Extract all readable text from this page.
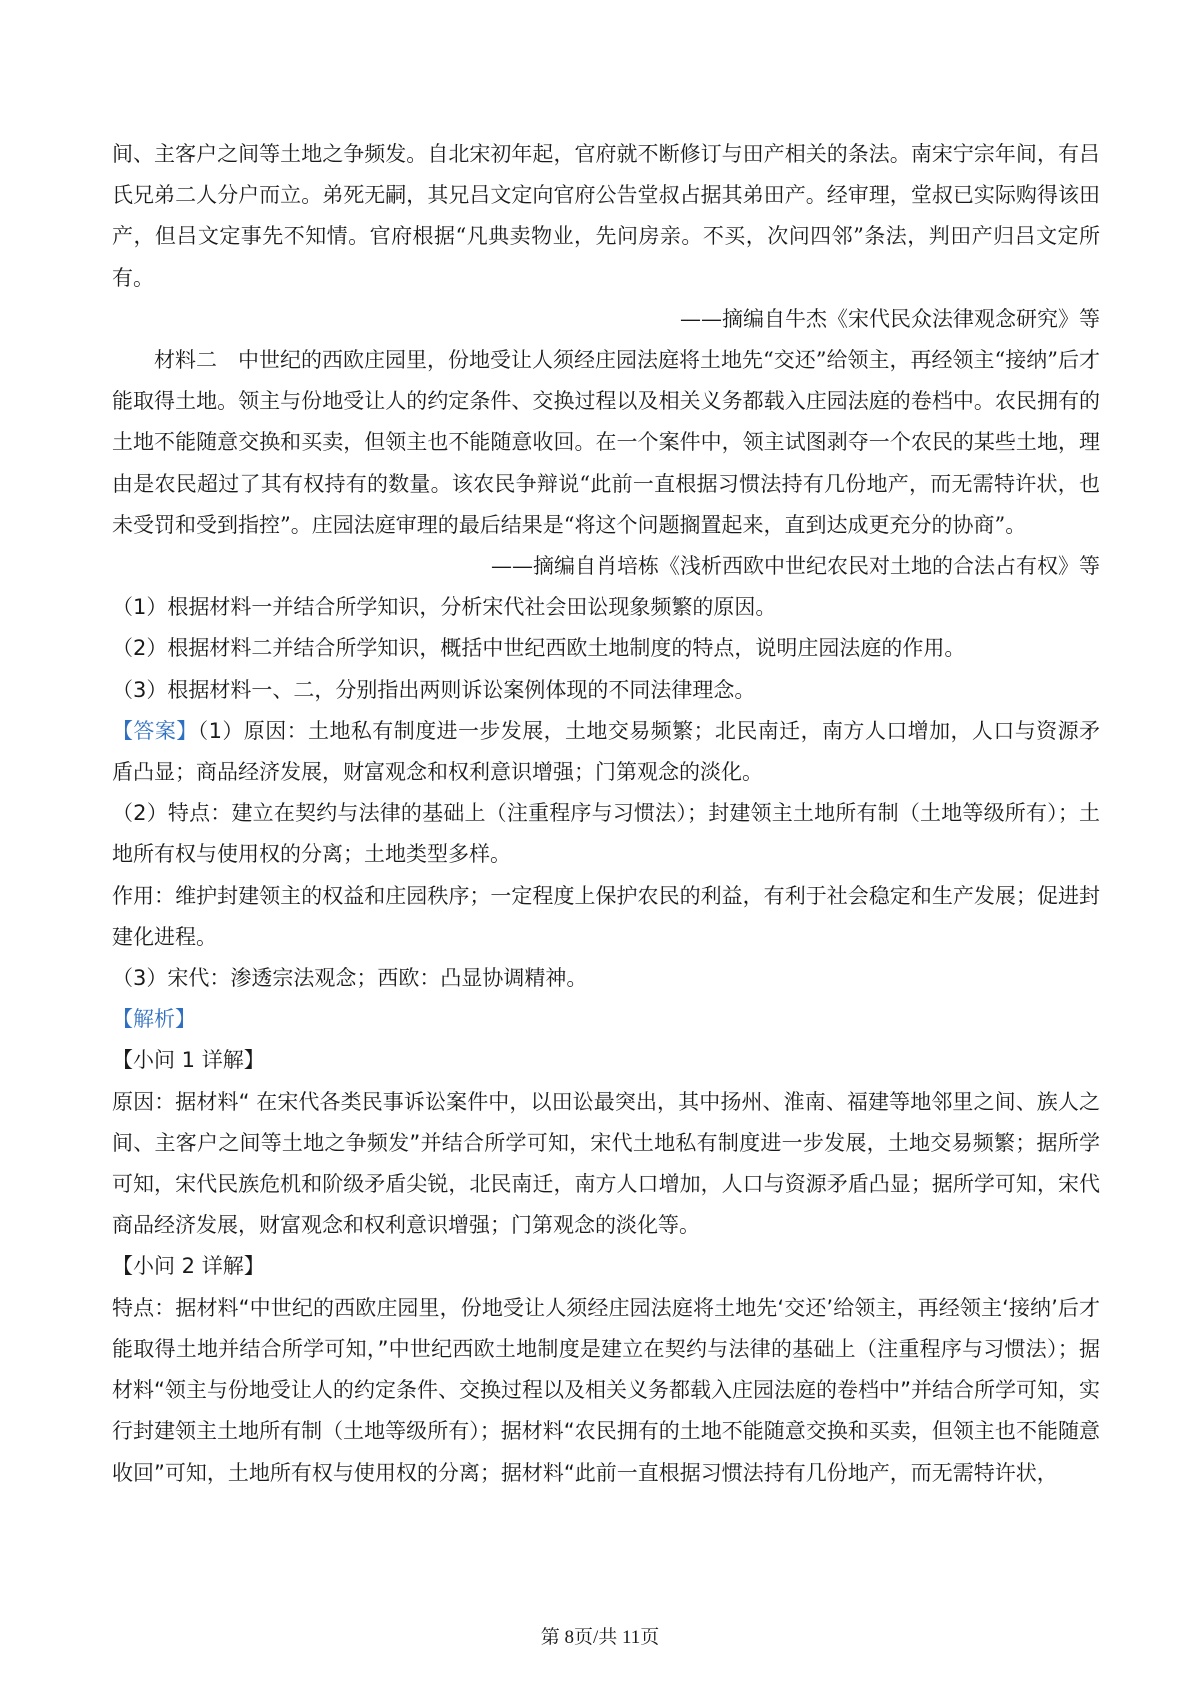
间、主客户之间等土地之争频发。自北宋初年起，官府就不断修订与田产相关的条法。南宋宁宗年间，有吕氏兄弟二人分户而立。弟死无嗣，其兄吕文定向官府公告堂叔占据其弟田产。经审理，堂叔已实际购得该田产，但吕文定事先不知情。官府根据“凡典卖物业，先问房亲。不买，次问四邻”条法，判田产归吕文定所有。

——摘编自牛杰《宋代民众法律观念研究》等

材料二　中世纪的西欧庄园里，份地受让人须经庄园法庭将土地先“交还”给领主，再经领主“接纳”后才能取得土地。领主与份地受让人的约定条件、交换过程以及相关义务都载入庄园法庭的卷档中。农民拥有的土地不能随意交换和买卖，但领主也不能随意收回。在一个案件中，领主试图剥夺一个农民的某些土地，理由是农民超过了其有权持有的数量。该农民争辩说“此前一直根据习惯法持有几份地产，而无需特许状，也未受罚和受到指控”。庄园法庭审理的最后结果是“将这个问题搁置起来，直到达成更充分的协商”。

——摘编自肖培栋《浅析西欧中世纪农民对土地的合法占有权》等

（1）根据材料一并结合所学知识，分析宋代社会田讼现象频繁的原因。

（2）根据材料二并结合所学知识，概括中世纪西欧土地制度的特点，说明庄园法庭的作用。

（3）根据材料一、二，分别指出两则诉讼案例体现的不同法律理念。

【答案】（1）原因：土地私有制度进一步发展，土地交易频繁；北民南迁，南方人口增加，人口与资源矛盾凸显；商品经济发展，财富观念和权利意识增强；门第观念的淡化。

（2）特点：建立在契约与法律的基础上（注重程序与习惯法）；封建领主土地所有制（土地等级所有）；土地所有权与使用权的分离；土地类型多样。

作用：维护封建领主的权益和庄园秩序；一定程度上保护农民的利益，有利于社会稳定和生产发展；促进封建化进程。

（3）宋代：渗透宗法观念；西欧：凸显协调精神。

【解析】

【小问 1 详解】

原因：据材料“ 在宋代各类民事诉讼案件中，以田讼最突出，其中扬州、淮南、福建等地邻里之间、族人之间、主客户之间等土地之争频发”并结合所学可知，宋代土地私有制度进一步发展，土地交易频繁；据所学可知，宋代民族危机和阶级矛盾尖锐，北民南迁，南方人口增加，人口与资源矛盾凸显；据所学可知，宋代商品经济发展，财富观念和权利意识增强；门第观念的淡化等。

【小问 2 详解】

特点：据材料“中世纪的西欧庄园里，份地受让人须经庄园法庭将土地先‘交还’给领主，再经领主‘接纳’后才能取得土地并结合所学可知，”中世纪西欧土地制度是建立在契约与法律的基础上（注重程序与习惯法）；据材料“领主与份地受让人的约定条件、交换过程以及相关义务都载入庄园法庭的卷档中”并结合所学可知，实行封建领主土地所有制（土地等级所有）；据材料“农民拥有的土地不能随意交换和买卖，但领主也不能随意收回”可知，土地所有权与使用权的分离；据材料“此前一直根据习惯法持有几份地产，而无需特许状，

第 8页/共 11页
